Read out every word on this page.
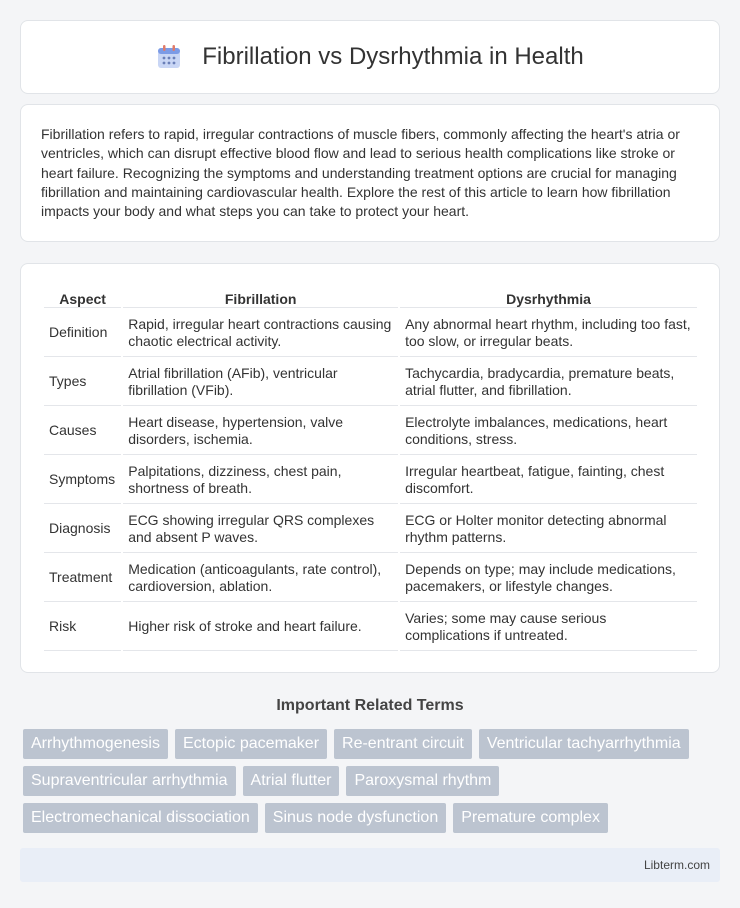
Fibrillation vs Dysrhythmia in Health

Fibrillation refers to rapid, irregular contractions of muscle fibers, commonly affecting the heart's atria or ventricles, which can disrupt effective blood flow and lead to serious health complications like stroke or heart failure. Recognizing the symptoms and understanding treatment options are crucial for managing fibrillation and maintaining cardiovascular health. Explore the rest of this article to learn how fibrillation impacts your body and what steps you can take to protect your heart.

Aspect	Fibrillation	Dysrhythmia
Definition	Rapid, irregular heart contractions causing chaotic electrical activity.	Any abnormal heart rhythm, including too fast, too slow, or irregular beats.
Types	Atrial fibrillation (AFib), ventricular fibrillation (VFib).	Tachycardia, bradycardia, premature beats, atrial flutter, and fibrillation.
Causes	Heart disease, hypertension, valve disorders, ischemia.	Electrolyte imbalances, medications, heart conditions, stress.
Symptoms	Palpitations, dizziness, chest pain, shortness of breath.	Irregular heartbeat, fatigue, fainting, chest discomfort.
Diagnosis	ECG showing irregular QRS complexes and absent P waves.	ECG or Holter monitor detecting abnormal rhythm patterns.
Treatment	Medication (anticoagulants, rate control), cardioversion, ablation.	Depends on type; may include medications, pacemakers, or lifestyle changes.
Risk	Higher risk of stroke and heart failure.	Varies; some may cause serious complications if untreated.
Important Related Terms
Arrhythmogenesis	Ectopic pacemaker	Re-entrant circuit	Ventricular tachyarrhythmia
Supraventricular arrhythmia	Atrial flutter	Paroxysmal rhythm
Electromechanical dissociation	Sinus node dysfunction	Premature complex
Libterm.com
